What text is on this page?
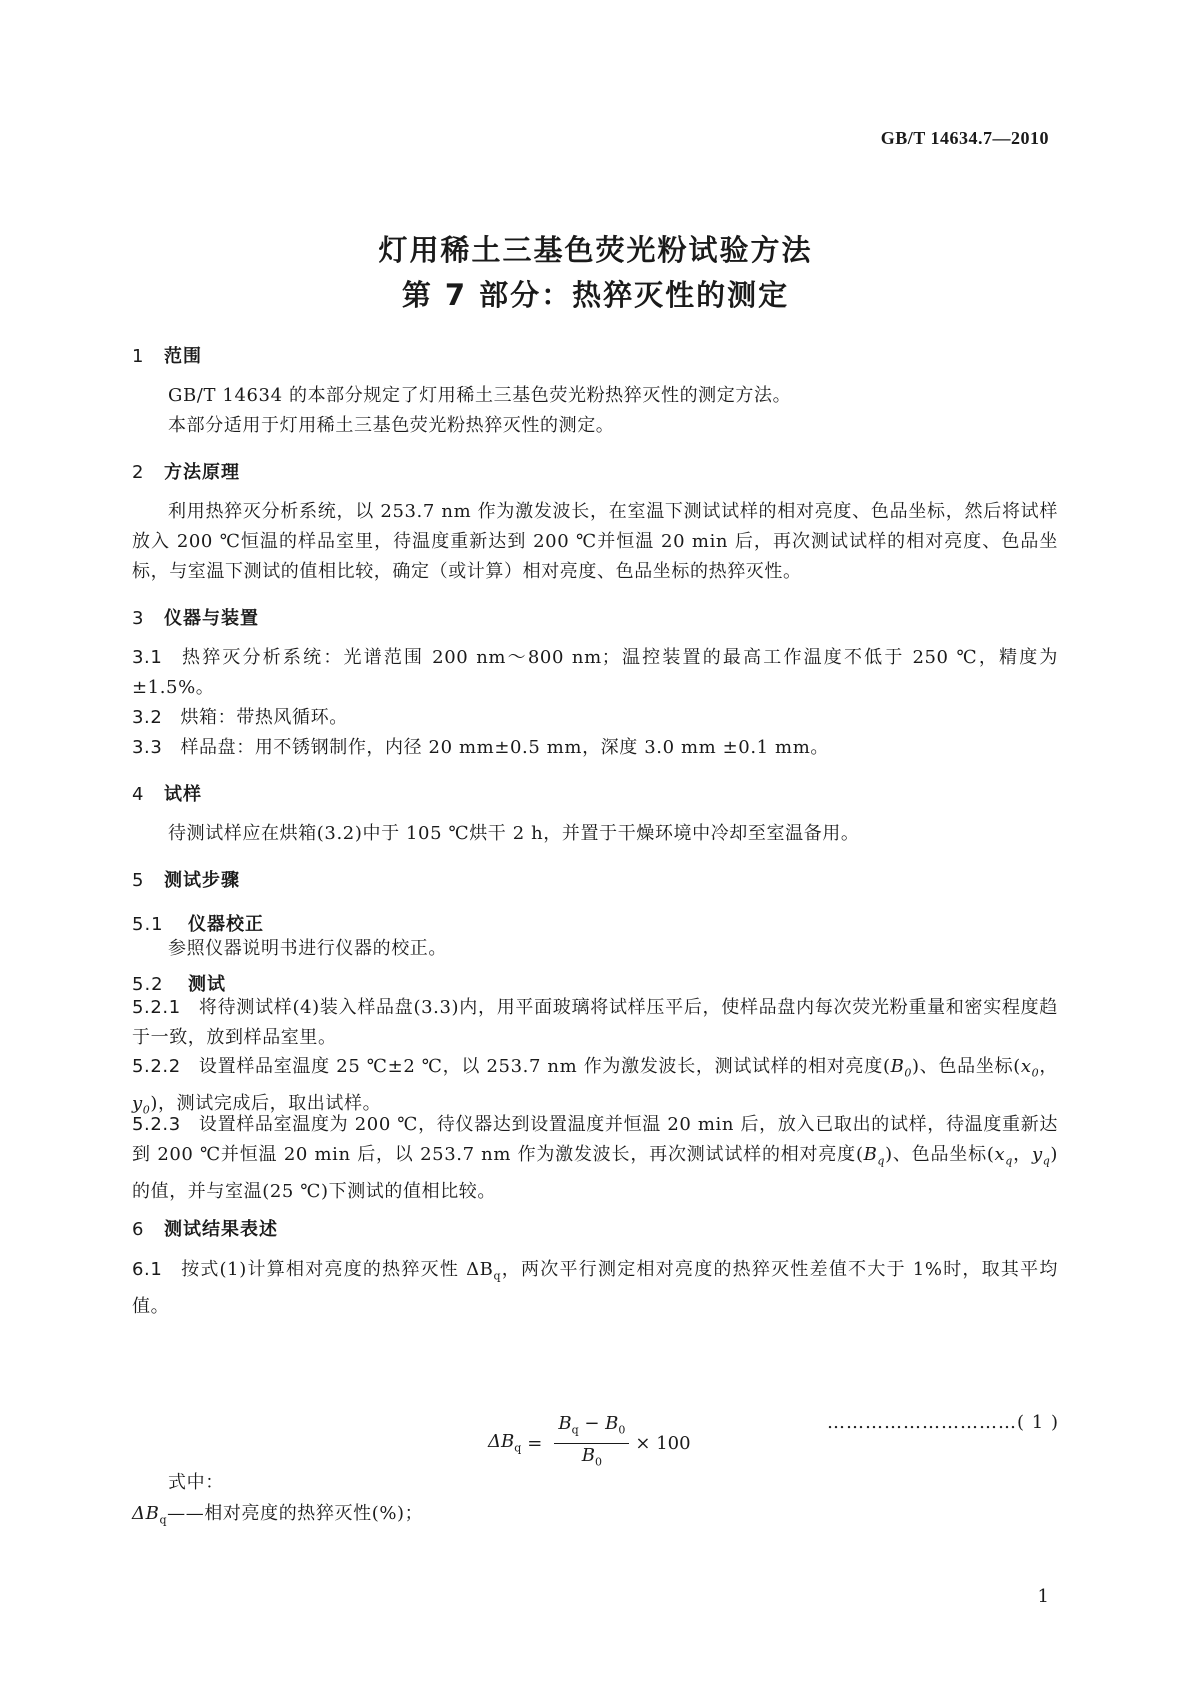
GB/T 14634.7—2010
灯用稀土三基色荧光粉试验方法
第 7 部分：热猝灭性的测定
1 范围
GB/T 14634 的本部分规定了灯用稀土三基色荧光粉热猝灭性的测定方法。
本部分适用于灯用稀土三基色荧光粉热猝灭性的测定。
2 方法原理
利用热猝灭分析系统，以 253.7 nm 作为激发波长，在室温下测试试样的相对亮度、色品坐标，然后将试样放入 200 ℃恒温的样品室里，待温度重新达到 200 ℃并恒温 20 min 后，再次测试试样的相对亮度、色品坐标，与室温下测试的值相比较，确定（或计算）相对亮度、色品坐标的热猝灭性。
3 仪器与装置
3.1 热猝灭分析系统：光谱范围 200 nm～800 nm；温控装置的最高工作温度不低于 250 ℃，精度为±1.5%。
3.2 烘箱：带热风循环。
3.3 样品盘：用不锈钢制作，内径 20 mm±0.5 mm，深度 3.0 mm ±0.1 mm。
4 试样
待测试样应在烘箱(3.2)中于 105 ℃烘干 2 h，并置于干燥环境中冷却至室温备用。
5 测试步骤
5.1 仪器校正
参照仪器说明书进行仪器的校正。
5.2 测试
5.2.1 将待测试样(4)装入样品盘(3.3)内，用平面玻璃将试样压平后，使样品盘内每次荧光粉重量和密实程度趋于一致，放到样品室里。
5.2.2 设置样品室温度 25 ℃±2 ℃，以 253.7 nm 作为激发波长，测试试样的相对亮度$(B_0)$、色品坐标($x_0$，$y_0$)，测试完成后，取出试样。
5.2.3 设置样品室温度为 200 ℃，待仪器达到设置温度并恒温 20 min 后，放入已取出的试样，待温度重新达到 200 ℃并恒温 20 min 后，以 253.7 nm 作为激发波长，再次测试试样的相对亮度$(B_q)$、色品坐标($x_q$，$y_q$)的值，并与室温(25 ℃)下测试的值相比较。
6 测试结果表述
6.1 按式(1)计算相对亮度的热猝灭性 $\Delta B_q$，两次平行测定相对亮度的热猝灭性差值不大于 1%时，取其平均值。
$\Delta B_q = \frac{B_q - B_0}{B_0} \times 100$
…………………………( 1 )
式中：
$\Delta B_q——$相对亮度的热猝灭性(%)；
1
